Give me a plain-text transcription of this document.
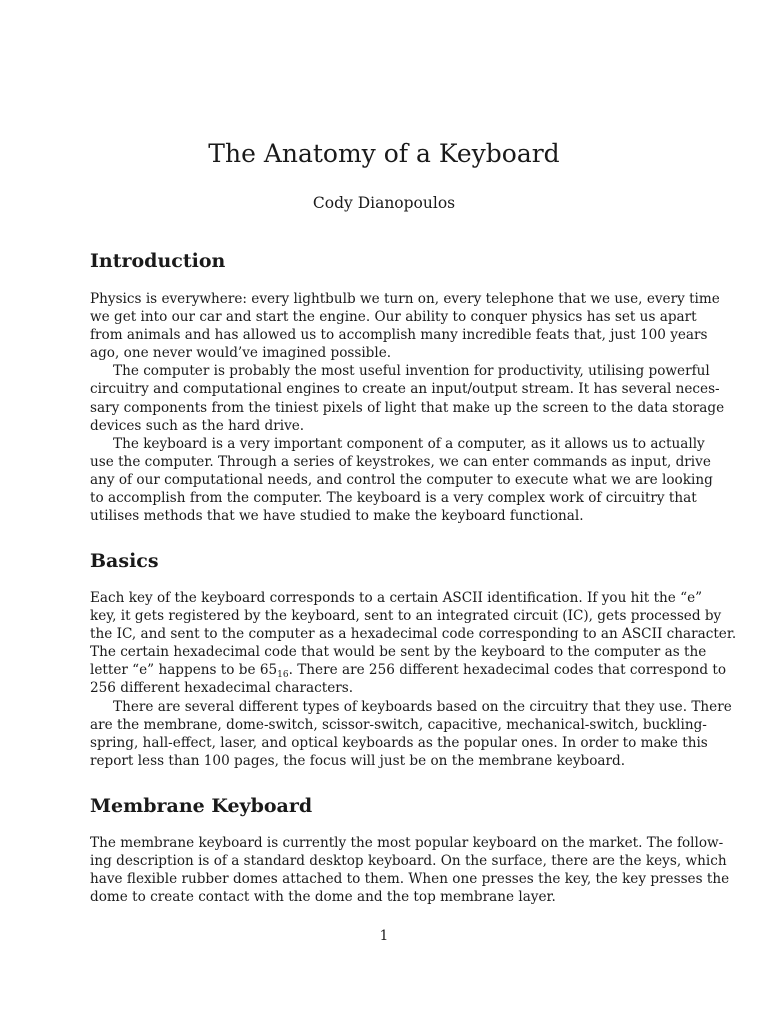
The Anatomy of a Keyboard
Cody Dianopoulos
Introduction
Physics is everywhere: every lightbulb we turn on, every telephone that we use, every time
we get into our car and start the engine. Our ability to conquer physics has set us apart
from animals and has allowed us to accomplish many incredible feats that, just 100 years
ago, one never would’ve imagined possible.
The computer is probably the most useful invention for productivity, utilising powerful
circuitry and computational engines to create an input/output stream. It has several neces-
sary components from the tiniest pixels of light that make up the screen to the data storage
devices such as the hard drive.
The keyboard is a very important component of a computer, as it allows us to actually
use the computer. Through a series of keystrokes, we can enter commands as input, drive
any of our computational needs, and control the computer to execute what we are looking
to accomplish from the computer. The keyboard is a very complex work of circuitry that
utilises methods that we have studied to make the keyboard functional.
Basics
Each key of the keyboard corresponds to a certain ASCII identification. If you hit the “e”
key, it gets registered by the keyboard, sent to an integrated circuit (IC), gets processed by
the IC, and sent to the computer as a hexadecimal code corresponding to an ASCII character.
The certain hexadecimal code that would be sent by the keyboard to the computer as the
letter “e” happens to be $65_{16}$. There are 256 different hexadecimal codes that correspond to
256 different hexadecimal characters.
There are several different types of keyboards based on the circuitry that they use. There
are the membrane, dome-switch, scissor-switch, capacitive, mechanical-switch, buckling-
spring, hall-effect, laser, and optical keyboards as the popular ones. In order to make this
report less than 100 pages, the focus will just be on the membrane keyboard.
Membrane Keyboard
The membrane keyboard is currently the most popular keyboard on the market. The follow-
ing description is of a standard desktop keyboard. On the surface, there are the keys, which
have flexible rubber domes attached to them. When one presses the key, the key presses the
dome to create contact with the dome and the top membrane layer.
1
